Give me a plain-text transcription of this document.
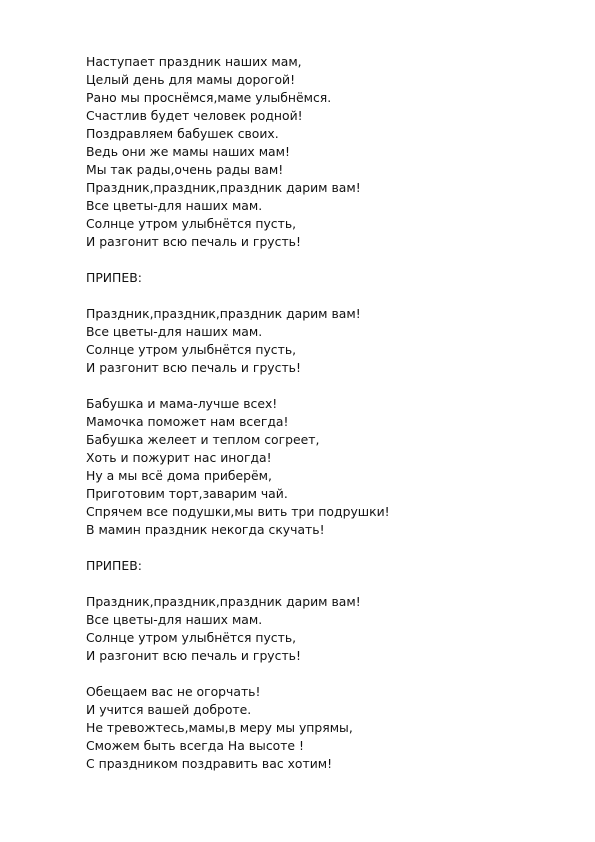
Наступает праздник наших мам,
Целый день для мамы дорогой!
Рано мы проснёмся,маме улыбнёмся.
Счастлив будет человек родной!
Поздравляем бабушек своих.
Ведь они же мамы наших мам!
Мы так рады,очень рады вам!
Праздник,праздник,праздник дарим вам!
Все цветы-для наших мам.
Солнце утром улыбнётся пусть,
И разгонит всю печаль и грусть!
ПРИПЕВ:
Праздник,праздник,праздник дарим вам!
Все цветы-для наших мам.
Солнце утром улыбнётся пусть,
И разгонит всю печаль и грусть!
Бабушка и мама-лучше всех!
Мамочка поможет нам всегда!
Бабушка желеет и теплом согреет,
Хоть и пожурит нас иногда!
Ну а мы всё дома приберём,
Приготовим торт,заварим чай.
Спрячем все подушки,мы вить три подрушки!
В мамин праздник некогда скучать!
ПРИПЕВ:
Праздник,праздник,праздник дарим вам!
Все цветы-для наших мам.
Солнце утром улыбнётся пусть,
И разгонит всю печаль и грусть!
Обещаем вас не огорчать!
И учится вашей доброте.
Не тревожтесь,мамы,в меру мы упрямы,
Сможем быть всегда На высоте !
С праздником поздравить вас хотим!
